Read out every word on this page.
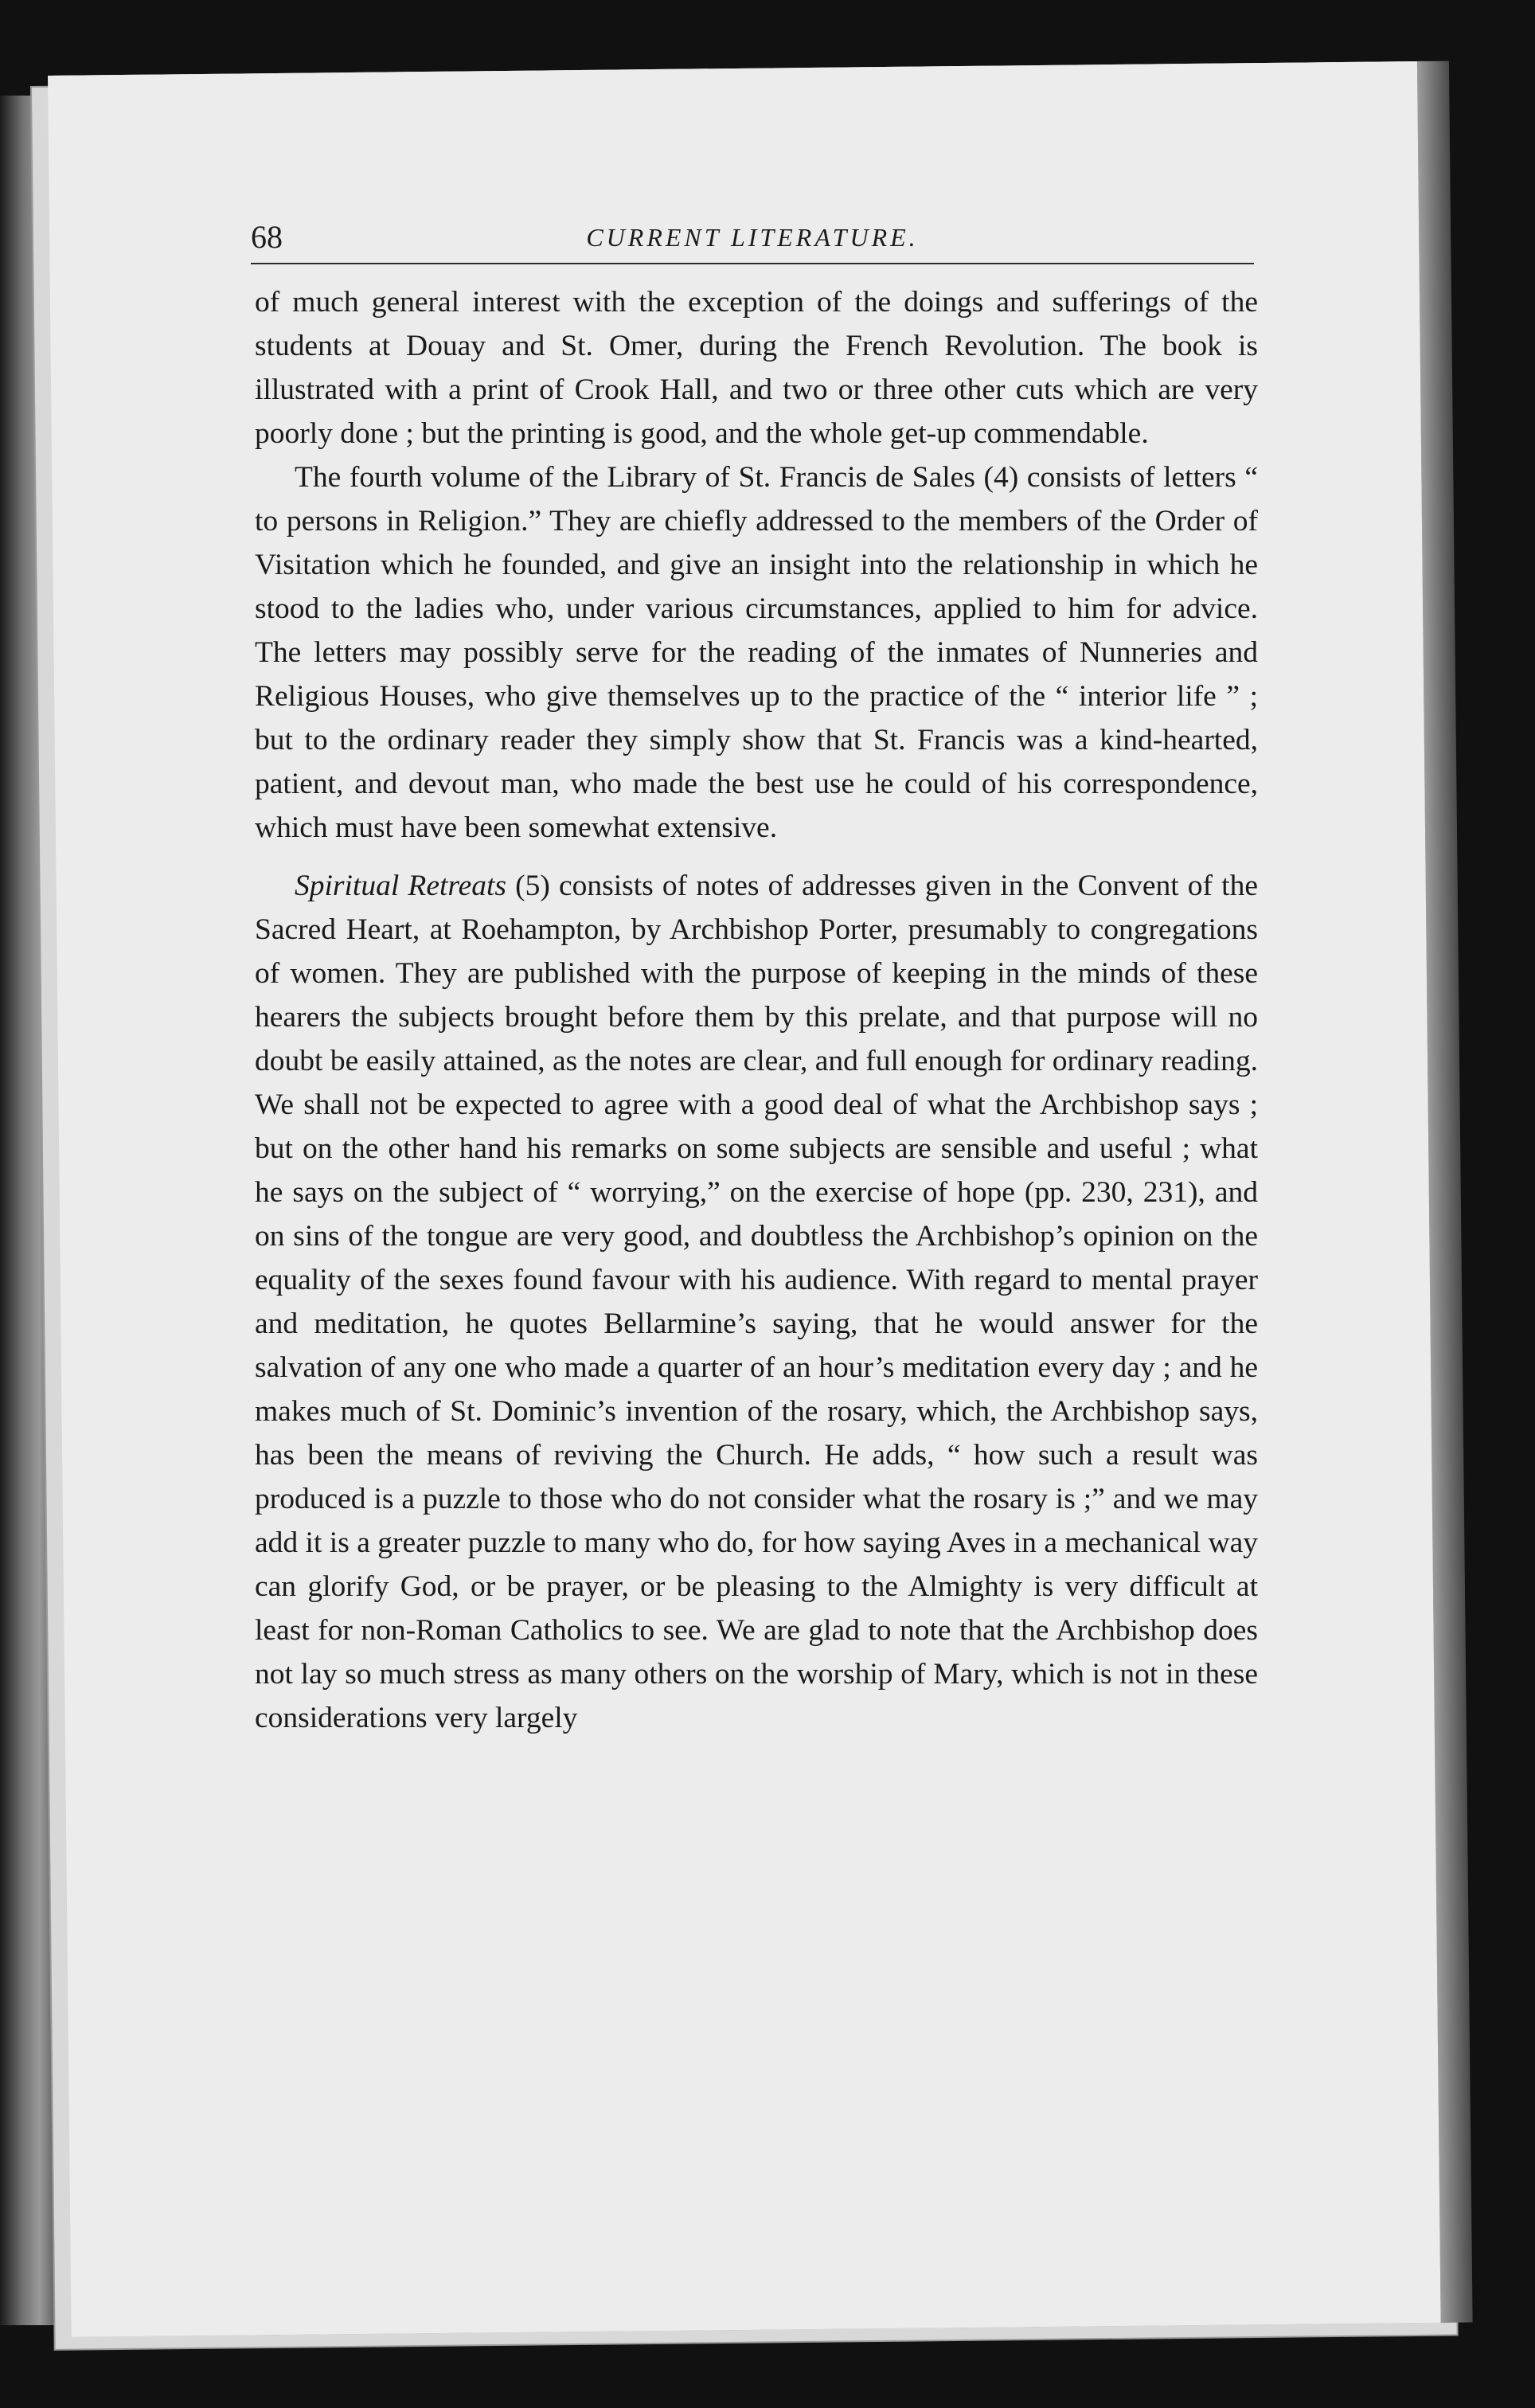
68	CURRENT LITERATURE.

of much general interest with the exception of the doings and sufferings of the students at Douay and St. Omer, during the French Revolution. The book is illustrated with a print of Crook Hall, and two or three other cuts which are very poorly done ; but the printing is good, and the whole get-up commendable.

The fourth volume of the Library of St. Francis de Sales (4) consists of letters “ to persons in Religion.” They are chiefly addressed to the members of the Order of Visitation which he founded, and give an insight into the relationship in which he stood to the ladies who, under various circumstances, applied to him for advice. The letters may possibly serve for the reading of the inmates of Nunneries and Religious Houses, who give themselves up to the practice of the “ interior life ” ; but to the ordinary reader they simply show that St. Francis was a kind-hearted, patient, and devout man, who made the best use he could of his correspondence, which must have been somewhat extensive.

Spiritual Retreats (5) consists of notes of addresses given in the Convent of the Sacred Heart, at Roehampton, by Archbishop Porter, presumably to congregations of women. They are published with the purpose of keeping in the minds of these hearers the subjects brought before them by this prelate, and that purpose will no doubt be easily attained, as the notes are clear, and full enough for ordinary reading. We shall not be expected to agree with a good deal of what the Archbishop says ; but on the other hand his remarks on some subjects are sensible and useful ; what he says on the subject of “ worrying,” on the exercise of hope (pp. 230, 231), and on sins of the tongue are very good, and doubtless the Archbishop’s opinion on the equality of the sexes found favour with his audience. With regard to mental prayer and meditation, he quotes Bellarmine’s saying, that he would answer for the salvation of any one who made a quarter of an hour’s meditation every day ; and he makes much of St. Dominic’s invention of the rosary, which, the Archbishop says, has been the means of reviving the Church. He adds, “ how such a result was produced is a puzzle to those who do not consider what the rosary is ;” and we may add it is a greater puzzle to many who do, for how saying Aves in a mechanical way can glorify God, or be prayer, or be pleasing to the Almighty is very difficult at least for non-Roman Catholics to see. We are glad to note that the Archbishop does not lay so much stress as many others on the worship of Mary, which is not in these considerations very largely
